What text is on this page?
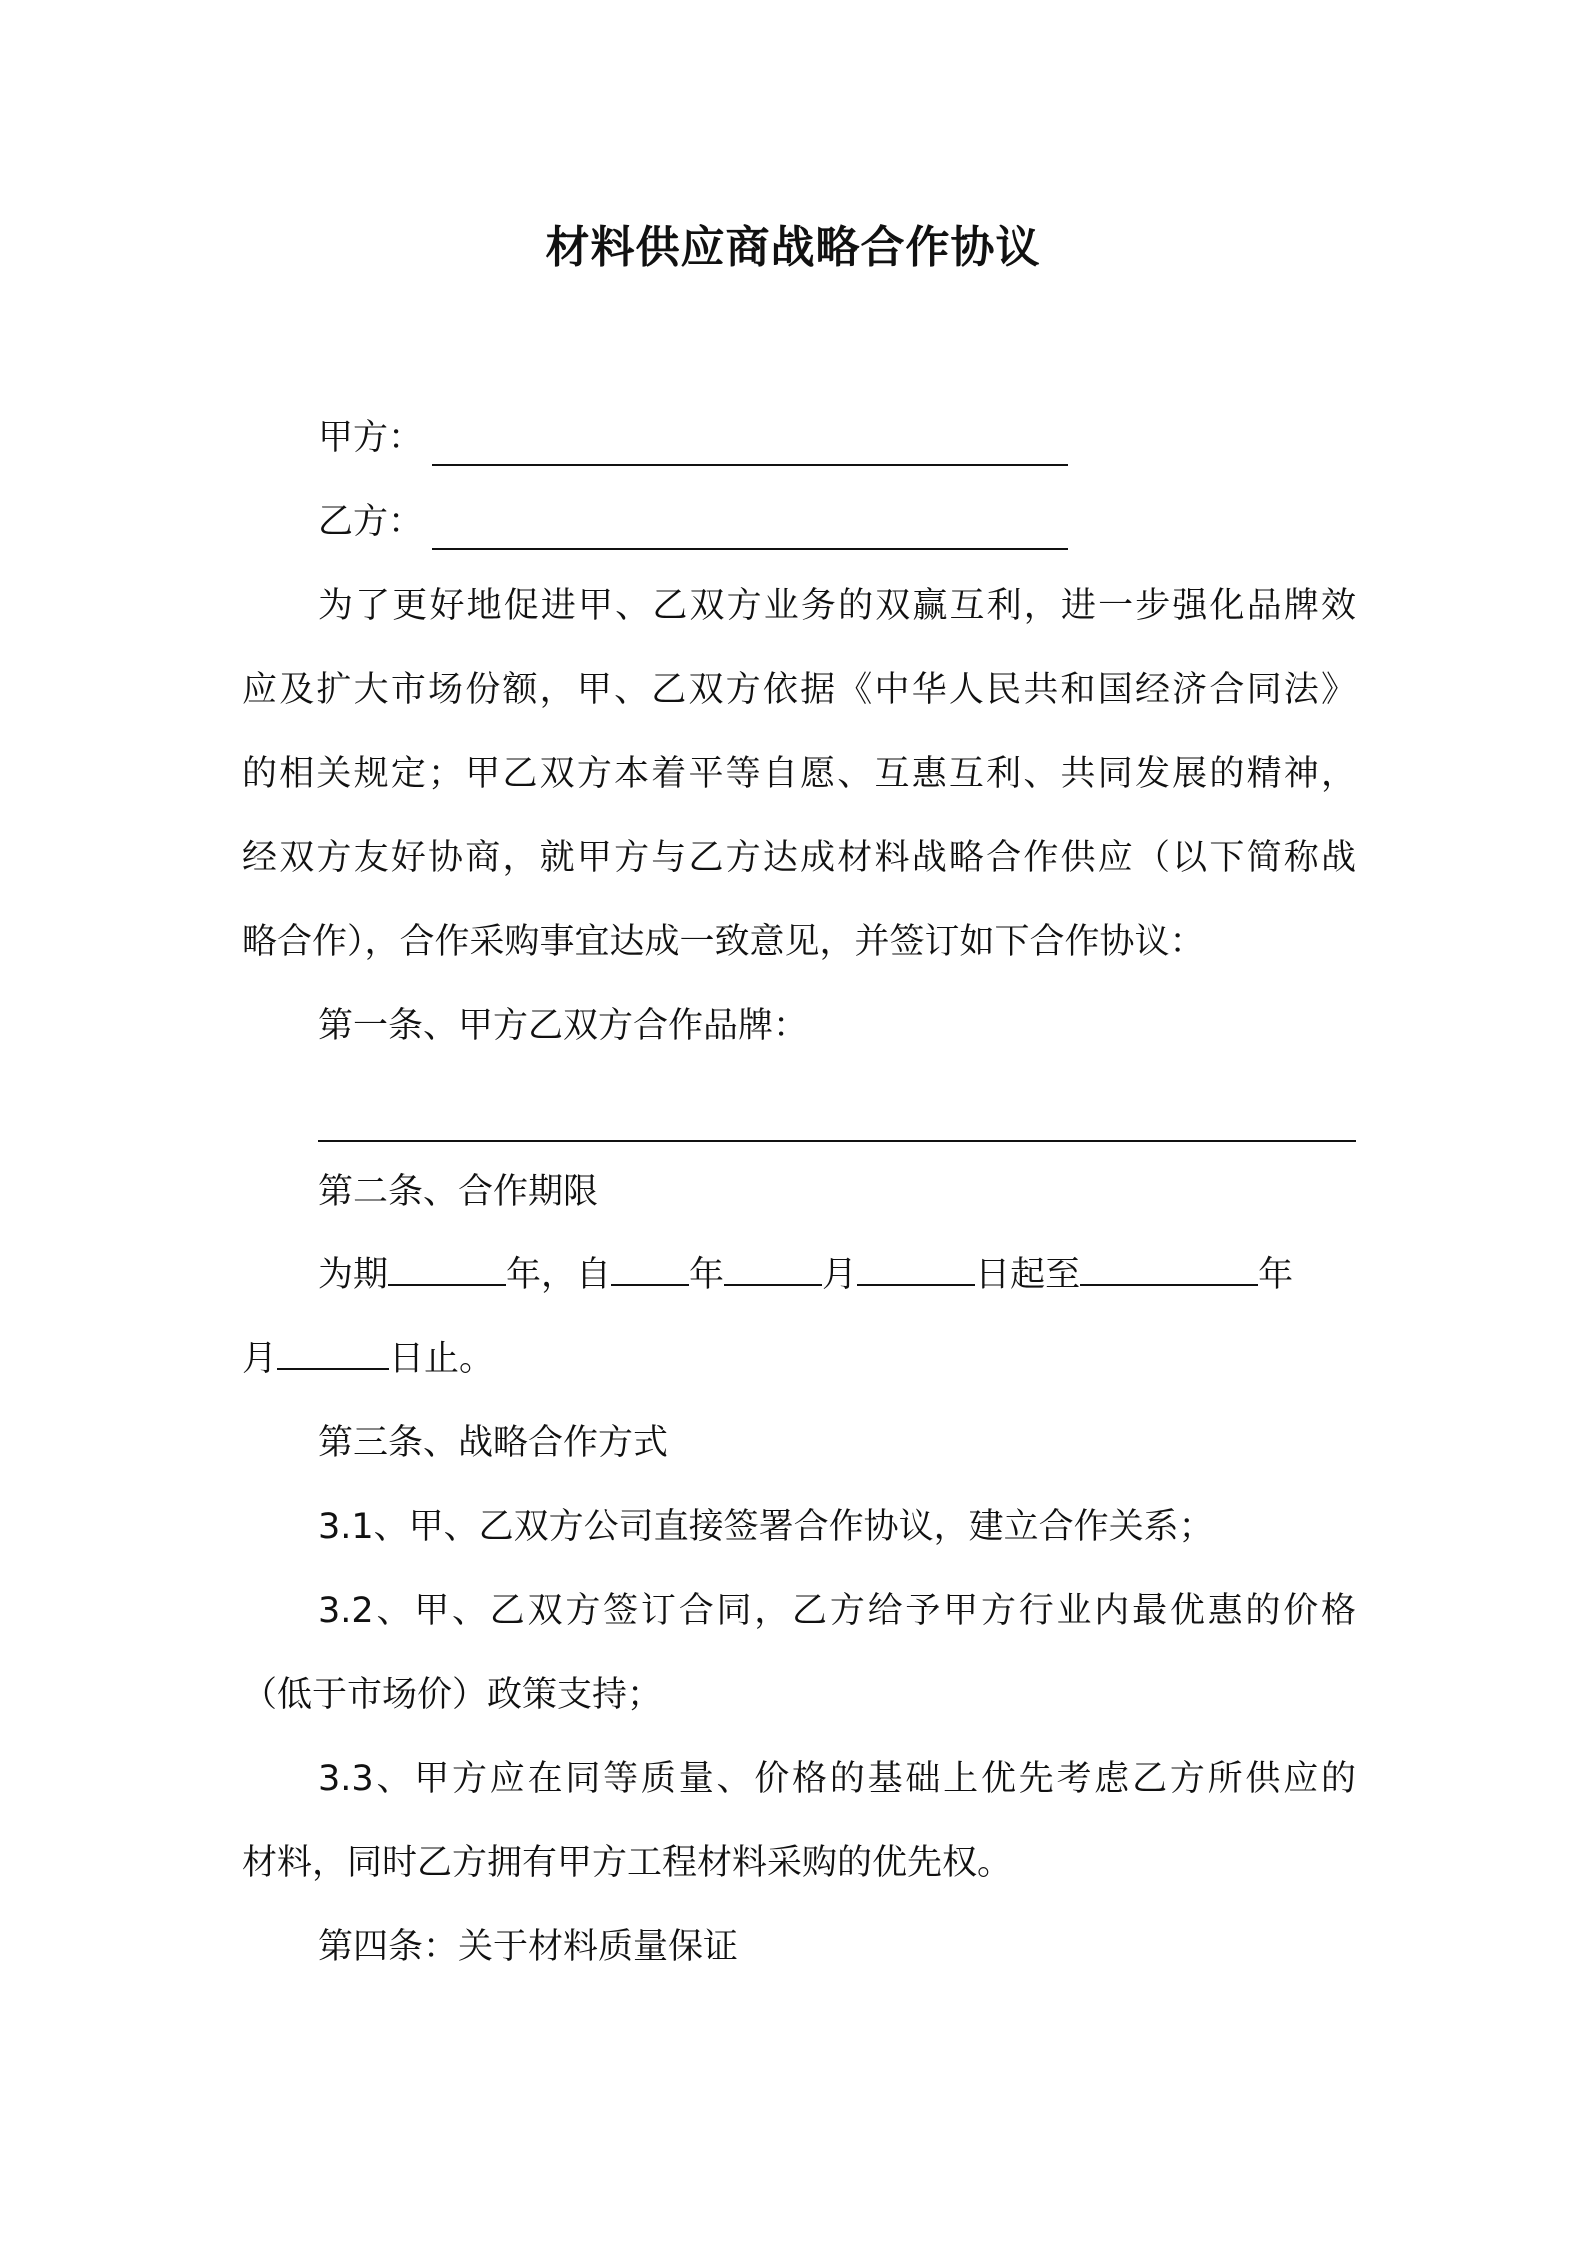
材料供应商战略合作协议
甲方：
乙方：
为了更好地促进甲、乙双方业务的双赢互利，进一步强化品牌效
应及扩大市场份额，甲、乙双方依据《中华人民共和国经济合同法》
的相关规定；甲乙双方本着平等自愿、互惠互利、共同发展的精神，
经双方友好协商，就甲方与乙方达成材料战略合作供应（以下简称战
略合作），合作采购事宜达成一致意见，并签订如下合作协议：
第一条、甲方乙双方合作品牌：
第二条、合作期限
为期	年，自 年	月	日起至	年
月	日止。
第三条、战略合作方式
3.1、甲、乙双方公司直接签署合作协议，建立合作关系；
3.2、甲、乙双方签订合同，乙方给予甲方行业内最优惠的价格
（低于市场价）政策支持；
3.3、甲方应在同等质量、价格的基础上优先考虑乙方所供应的
材料，同时乙方拥有甲方工程材料采购的优先权。
第四条：关于材料质量保证
